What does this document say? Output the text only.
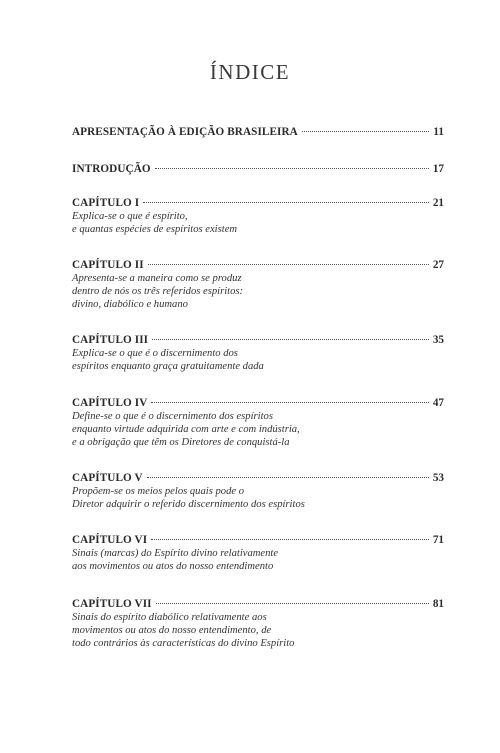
ÍNDICE
APRESENTAÇÃO À EDIÇÃO BRASILEIRA	11
INTRODUÇÃO	17
CAPÍTULO I	21
Explica-se o que é espírito,
e quantas espécies de espíritos existem
CAPÍTULO II	27
Apresenta-se a maneira como se produz
dentro de nós os três referidos espíritos:
divino, diabólico e humano
CAPÍTULO III	35
Explica-se o que é o discernimento dos
espíritos enquanto graça gratuitamente dada
CAPÍTULO IV	47
Define-se o que é o discernimento dos espíritos
enquanto virtude adquirida com arte e com indústria,
e a obrigação que têm os Diretores de conquistá-la
CAPÍTULO V	53
Propõem-se os meios pelos quais pode o
Diretor adquirir o referido discernimento dos espíritos
CAPÍTULO VI	71
Sinais (marcas) do Espírito divino relativamente
aos movimentos ou atos do nosso entendimento
CAPÍTULO VII	81
Sinais do espírito diabólico relativamente aos
movimentos ou atos do nosso entendimento, de
todo contrários às características do divino Espírito
